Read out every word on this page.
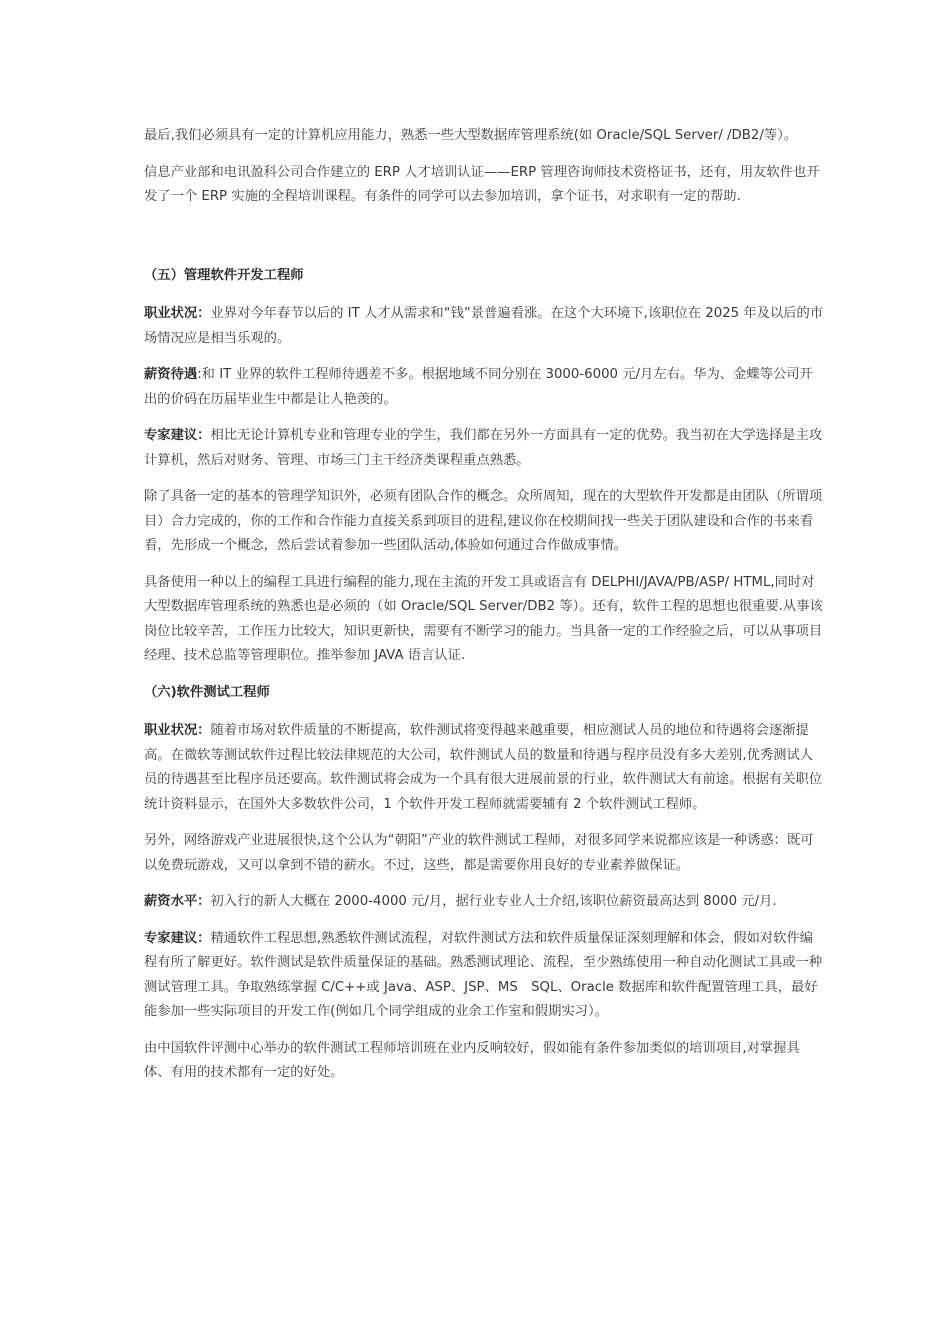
最后,我们必须具有一定的计算机应用能力，熟悉一些大型数据库管理系统(如 Oracle/SQL Server/ /DB2/等）。

信息产业部和电讯盈科公司合作建立的 ERP 人才培训认证——ERP 管理咨询师技术资格证书，还有，用友软件也开发了一个 ERP 实施的全程培训课程。有条件的同学可以去参加培训，拿个证书，对求职有一定的帮助.

（五）管理软件开发工程师

职业状况：业界对今年春节以后的 IT 人才从需求和“钱”景普遍看涨。在这个大环境下,该职位在 2025 年及以后的市场情况应是相当乐观的。

薪资待遇:和 IT 业界的软件工程师待遇差不多。根据地域不同分别在 3000-6000 元/月左右。华为、金蝶等公司开出的价码在历届毕业生中都是让人艳羡的。

专家建议：相比无论计算机专业和管理专业的学生，我们都在另外一方面具有一定的优势。我当初在大学选择是主攻计算机，然后对财务、管理、市场三门主干经济类课程重点熟悉。

除了具备一定的基本的管理学知识外，必须有团队合作的概念。众所周知，现在的大型软件开发都是由团队（所谓项目）合力完成的，你的工作和合作能力直接关系到项目的进程,建议你在校期间找一些关于团队建设和合作的书来看看，先形成一个概念，然后尝试着参加一些团队活动,体验如何通过合作做成事情。

具备使用一种以上的编程工具进行编程的能力,现在主流的开发工具或语言有 DELPHI/JAVA/PB/ASP/ HTML,同时对大型数据库管理系统的熟悉也是必须的（如 Oracle/SQL Server/DB2 等）。还有，软件工程的思想也很重要.从事该岗位比较辛苦，工作压力比较大，知识更新快，需要有不断学习的能力。当具备一定的工作经验之后，可以从事项目经理、技术总监等管理职位。推举参加 JAVA 语言认证.

（六)软件测试工程师

职业状况：随着市场对软件质量的不断提高，软件测试将变得越来越重要，相应测试人员的地位和待遇将会逐渐提高。在微软等测试软件过程比较法律规范的大公司，软件测试人员的数量和待遇与程序员没有多大差别,优秀测试人员的待遇甚至比程序员还要高。软件测试将会成为一个具有很大进展前景的行业，软件测试大有前途。根据有关职位统计资料显示，在国外大多数软件公司，1 个软件开发工程师就需要辅有 2 个软件测试工程师。

另外，网络游戏产业进展很快,这个公认为“朝阳”产业的软件测试工程师，对很多同学来说都应该是一种诱惑：既可以免费玩游戏，又可以拿到不错的薪水。不过，这些，都是需要你用良好的专业素养做保证。

薪资水平：初入行的新人大概在 2000-4000 元/月，据行业专业人士介绍,该职位薪资最高达到 8000 元/月.

专家建议：精通软件工程思想,熟悉软件测试流程，对软件测试方法和软件质量保证深刻理解和体会，假如对软件编程有所了解更好。软件测试是软件质量保证的基础。熟悉测试理论、流程，至少熟练使用一种自动化测试工具或一种测试管理工具。争取熟练掌握 C/C++或 Java、ASP、JSP、MS　SQL、Oracle 数据库和软件配置管理工具，最好能参加一些实际项目的开发工作(例如几个同学组成的业余工作室和假期实习）。

由中国软件评测中心举办的软件测试工程师培训班在业内反响较好，假如能有条件参加类似的培训项目,对掌握具体、有用的技术都有一定的好处。
